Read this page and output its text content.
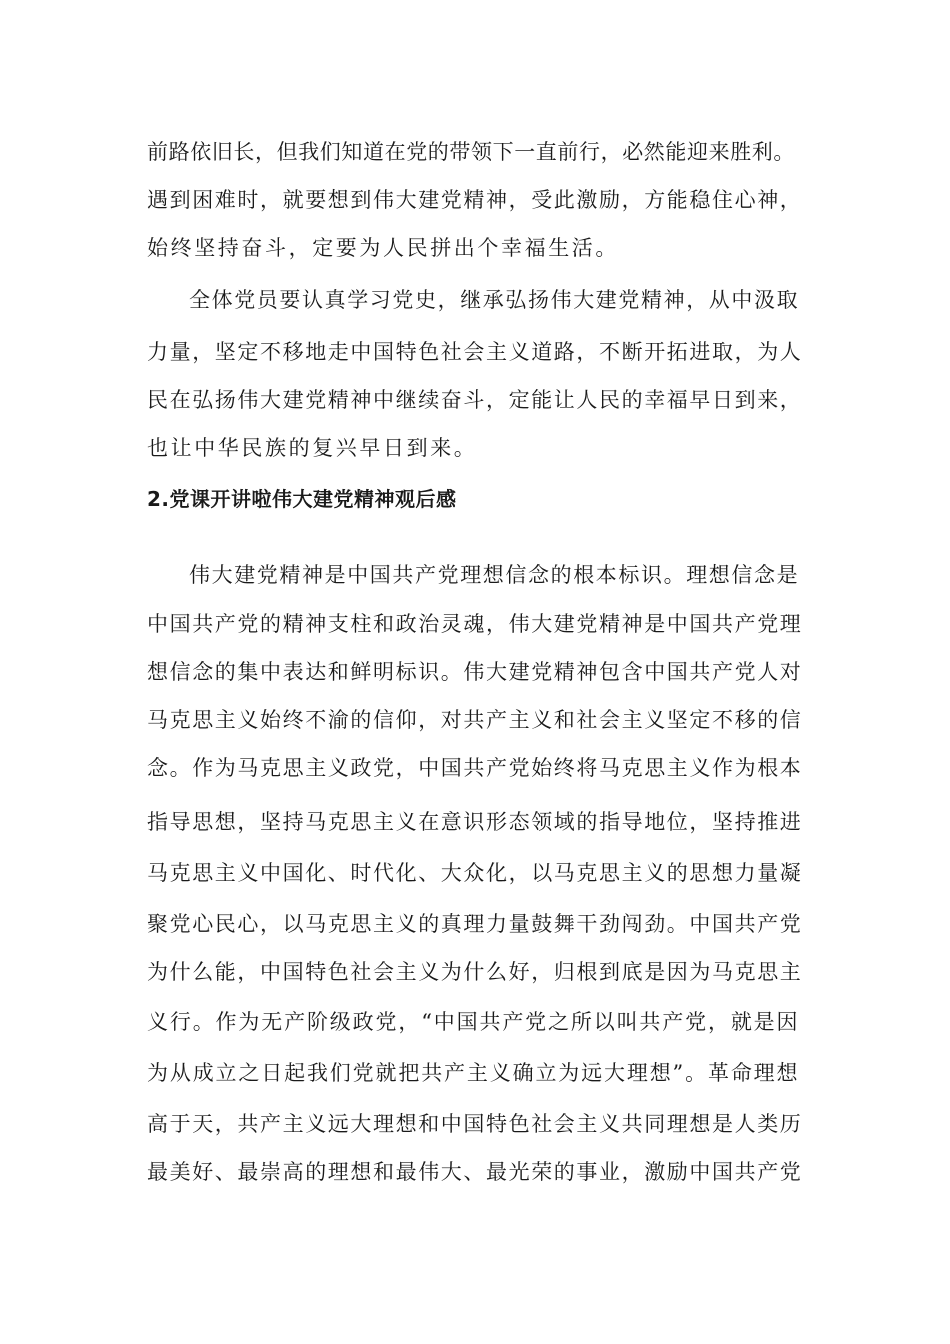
前路依旧长，但我们知道在党的带领下一直前行，必然能迎来胜利。
遇到困难时，就要想到伟大建党精神，受此激励，方能稳住心神，
始终坚持奋斗，定要为人民拼出个幸福生活。
全体党员要认真学习党史，继承弘扬伟大建党精神，从中汲取
力量，坚定不移地走中国特色社会主义道路，不断开拓进取，为人
民在弘扬伟大建党精神中继续奋斗，定能让人民的幸福早日到来，
也让中华民族的复兴早日到来。
2.党课开讲啦伟大建党精神观后感
伟大建党精神是中国共产党理想信念的根本标识。理想信念是
中国共产党的精神支柱和政治灵魂，伟大建党精神是中国共产党理
想信念的集中表达和鲜明标识。伟大建党精神包含中国共产党人对
马克思主义始终不渝的信仰，对共产主义和社会主义坚定不移的信
念。作为马克思主义政党，中国共产党始终将马克思主义作为根本
指导思想，坚持马克思主义在意识形态领域的指导地位，坚持推进
马克思主义中国化、时代化、大众化，以马克思主义的思想力量凝
聚党心民心，以马克思主义的真理力量鼓舞干劲闯劲。中国共产党
为什么能，中国特色社会主义为什么好，归根到底是因为马克思主
义行。作为无产阶级政党，“中国共产党之所以叫共产党，就是因
为从成立之日起我们党就把共产主义确立为远大理想”。革命理想
高于天，共产主义远大理想和中国特色社会主义共同理想是人类历
最美好、最崇高的理想和最伟大、最光荣的事业，激励中国共产党
